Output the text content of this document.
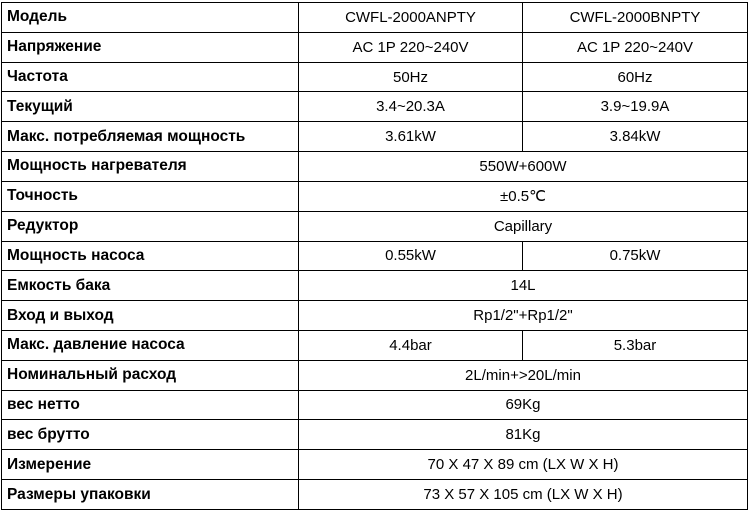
Модель	CWFL-2000ANPTY	CWFL-2000BNPTY
Напряжение	AC 1P 220~240V	AC 1P 220~240V
Частота	50Hz	60Hz
Текущий	3.4~20.3A	3.9~19.9A
Макс. потребляемая мощность	3.61kW	3.84kW
Мощность нагревателя	550W+600W	
Точность	±0.5℃	
Редуктор	Capillary	
Мощность насоса	0.55kW	0.75kW
Емкость бака	14L	
Вход и выход	Rp1/2"+Rp1/2"	
Макс. давление насоса	4.4bar	5.3bar
Номинальный расход	2L/min+>20L/min	
вес нетто	69Kg	
вес брутто	81Kg	
Измерение	70 X 47 X 89 cm (LX W X H)	
Размеры упаковки	73 X 57 X 105 cm (LX W X H)	
